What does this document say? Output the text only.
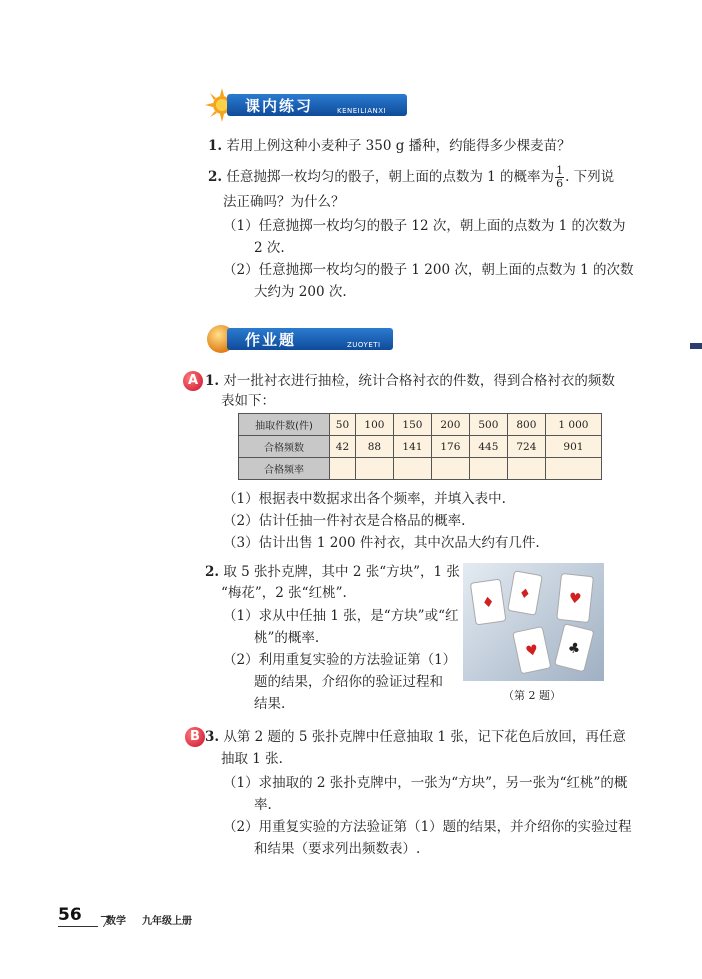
课内练习	KENEILIANXI
1. 若用上例这种小麦种子 350 g 播种，约能得多少棵麦苗？
2. 任意抛掷一枚均匀的骰子，朝上面的点数为 1 的概率为 $\frac{1}{6}$ . 下列说
法正确吗？为什么？
（1）任意抛掷一枚均匀的骰子 12 次，朝上面的点数为 1 的次数为
2 次.
（2）任意抛掷一枚均匀的骰子 1 200 次，朝上面的点数为 1 的次数
大约为 200 次.
作业题	ZUOYETI
A 1. 对一批衬衣进行抽检，统计合格衬衣的件数，得到合格衬衣的频数
表如下：
抽取件数(件)	50	100	150	200	500	800	1 000
合格频数	42	88	141	176	445	724	901
合格频率							
（1）根据表中数据求出各个频率，并填入表中.
（2）估计任抽一件衬衣是合格品的概率.
（3）估计出售 1 200 件衬衣，其中次品大约有几件.
2. 取 5 张扑克牌，其中 2 张“方块”，1 张
“梅花”，2 张“红桃”.
（1）求从中任抽 1 张，是“方块”或“红
桃”的概率.
（2）利用重复实验的方法验证第（1）
题的结果，介绍你的验证过程和
结果.
♦ ♦	♥
♥ ♣
（第 2 题）
B 3. 从第 2 题的 5 张扑克牌中任意抽取 1 张，记下花色后放回，再任意
抽取 1 张.
（1）求抽取的 2 张扑克牌中，一张为“方块”，另一张为“红桃”的概
率.
（2）用重复实验的方法验证第（1）题的结果，并介绍你的实验过程
和结果（要求列出频数表）.
56 数学 九年级上册
